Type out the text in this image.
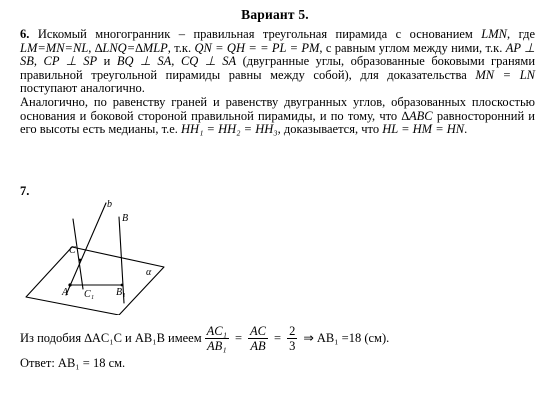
Вариант 5.
6. Искомый многогранник – правильная треугольная пирамида с основанием LMN, где LM=MN=NL, ∆LNQ=∆MLP, т.к. QN = QH = = PL = PM, с равным углом между ними, т.к. AP ⊥ SB, CP ⊥ SP и BQ ⊥ SA, CQ ⊥ SA (двугранные углы, образованные боковыми гранями правильной треугольной пирамиды равны между собой), для доказательства MN = LN поступают аналогично.
Аналогично, по равенству граней и равенству двугранных углов, образованных плоскостью основания и боковой стороной правильной пирамиды, и по тому, что ∆ABC равносторонний и его высоты есть медианы, т.е. HH₁ = HH₂ = HH₃, доказывается, что HL = HM = HN.
7.
b
B
C
A C₁ B₁
α
Из подобия ∆AC₁C и AB₁B имеем $\frac{\text{AC₁}}{\text{AB₁}} = \frac{AC}{AB} = \frac{2}{3}$ ⇒ AB₁ =18 (см).
Ответ: AB₁ = 18 см.
